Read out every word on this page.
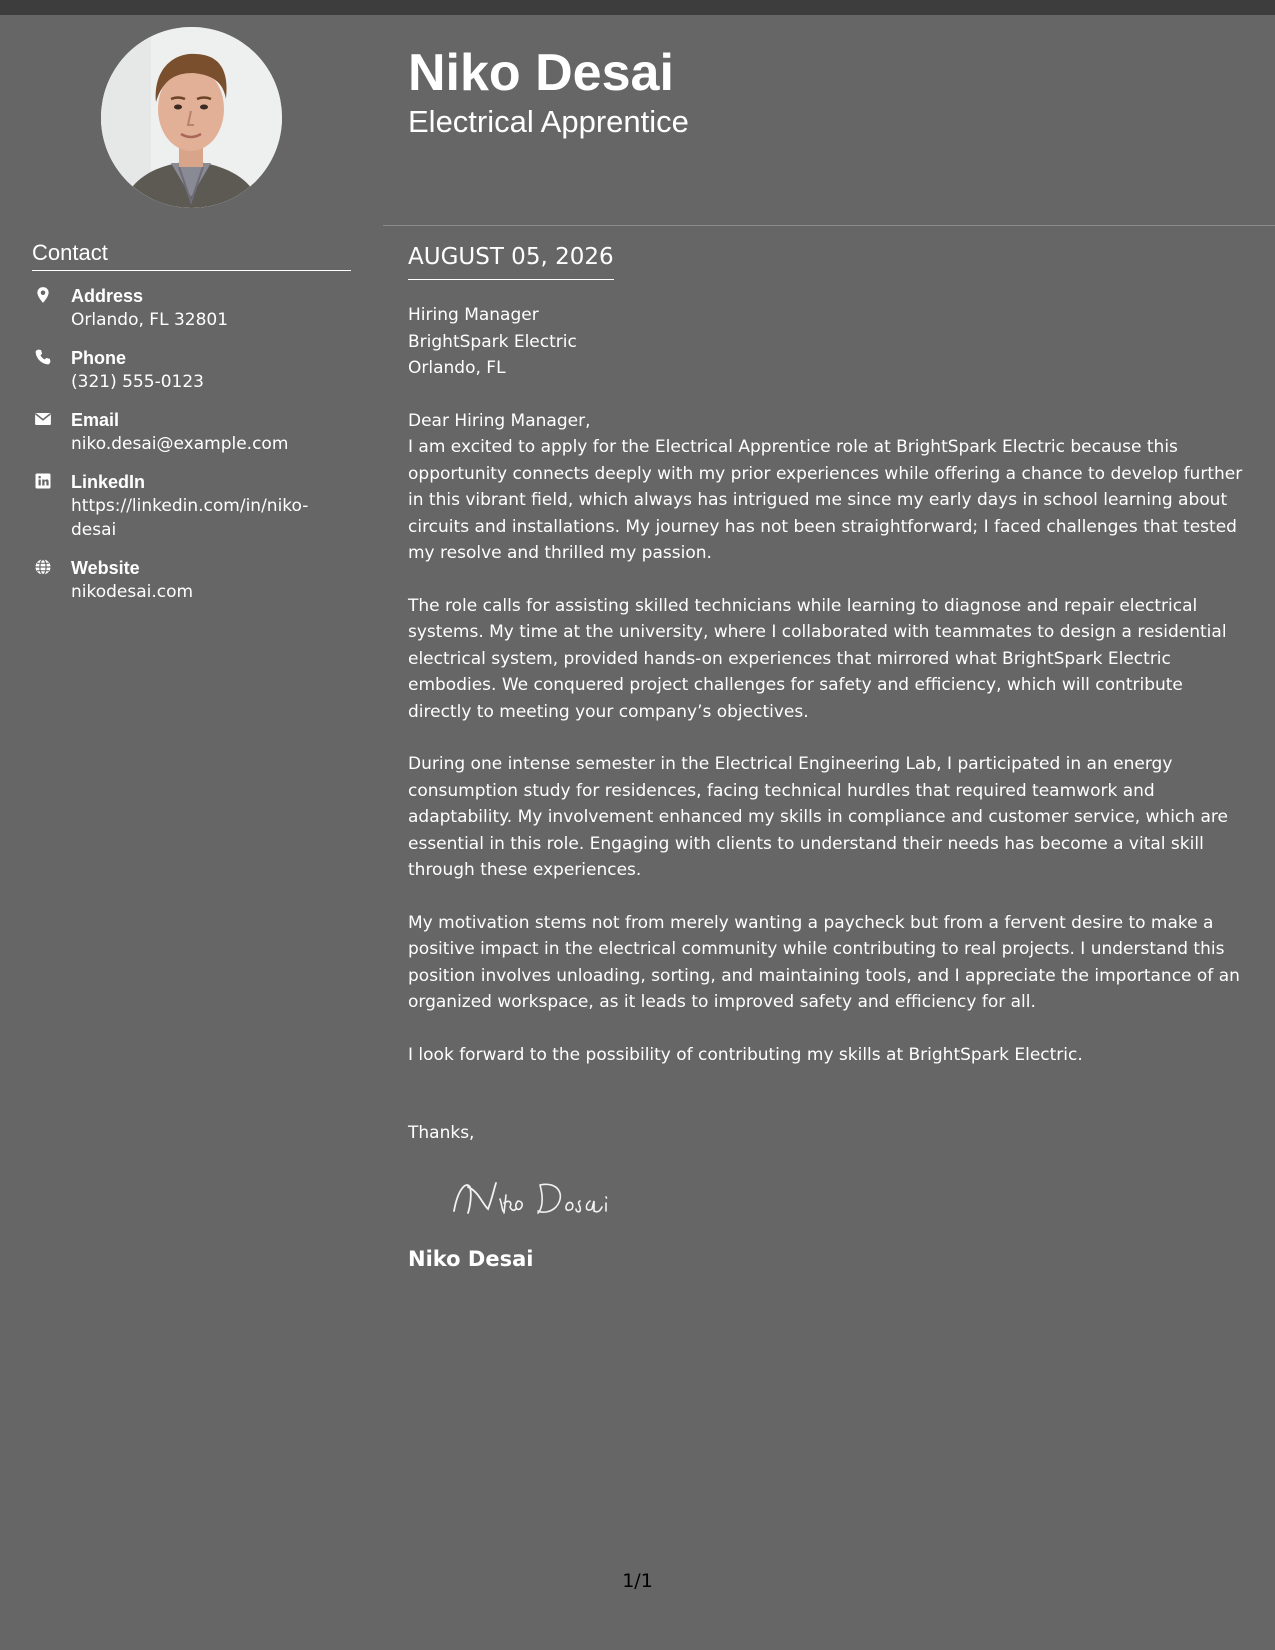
Contact
Address
Orlando, FL 32801
Phone
(321) 555-0123
Email
niko.desai@example.com
LinkedIn
https://linkedin.com/in/niko-desai
Website
nikodesai.com
Niko Desai
Electrical Apprentice
AUGUST 05, 2026

Hiring Manager

BrightSpark Electric

Orlando, FL

Dear Hiring Manager,

I am excited to apply for the Electrical Apprentice role at BrightSpark Electric because this opportunity connects deeply with my prior experiences while offering a chance to develop further in this vibrant field, which always has intrigued me since my early days in school learning about circuits and installations. My journey has not been straightforward; I faced challenges that tested my resolve and thrilled my passion.

The role calls for assisting skilled technicians while learning to diagnose and repair electrical systems. My time at the university, where I collaborated with teammates to design a residential electrical system, provided hands-on experiences that mirrored what BrightSpark Electric embodies. We conquered project challenges for safety and efficiency, which will contribute directly to meeting your company’s objectives.

During one intense semester in the Electrical Engineering Lab, I participated in an energy consumption study for residences, facing technical hurdles that required teamwork and adaptability. My involvement enhanced my skills in compliance and customer service, which are essential in this role. Engaging with clients to understand their needs has become a vital skill through these experiences.

My motivation stems not from merely wanting a paycheck but from a fervent desire to make a positive impact in the electrical community while contributing to real projects. I understand this position involves unloading, sorting, and maintaining tools, and I appreciate the importance of an organized workspace, as it leads to improved safety and efficiency for all.

I look forward to the possibility of contributing my skills at BrightSpark Electric.

Thanks,

Niko Desai

1/1
